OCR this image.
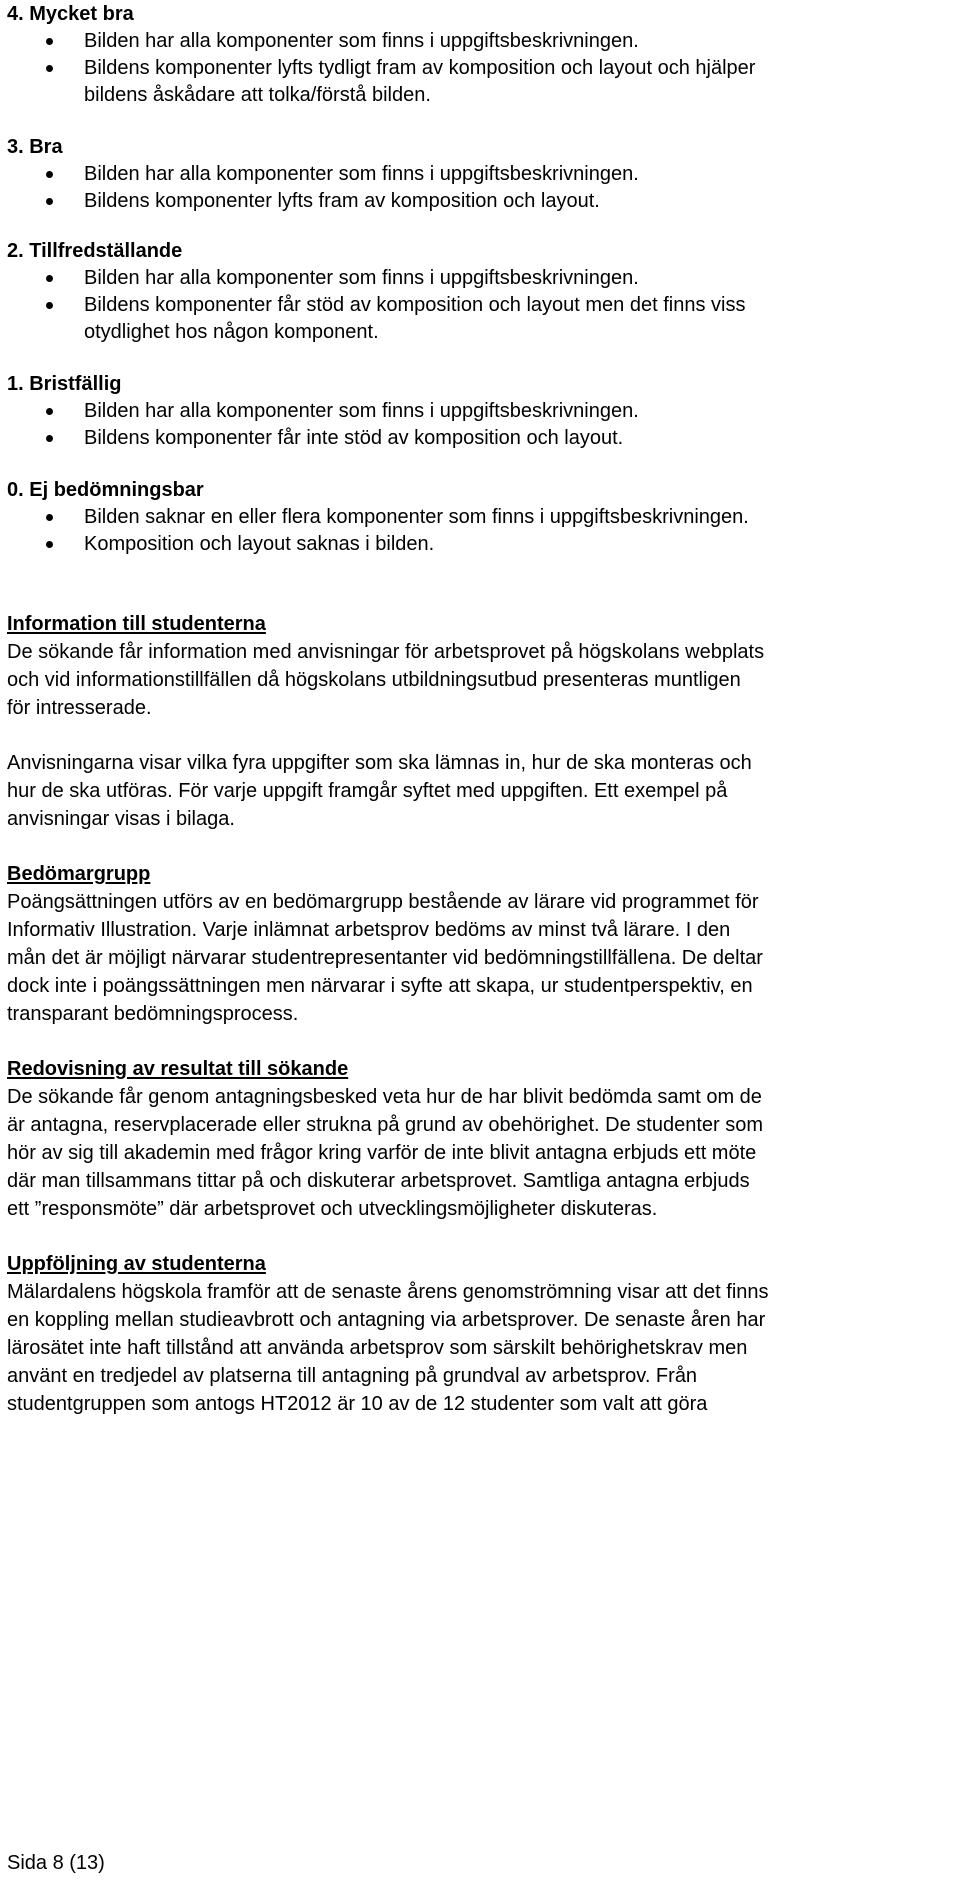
4. Mycket bra
Bilden har alla komponenter som finns i uppgiftsbeskrivningen.
Bildens komponenter lyfts tydligt fram av komposition och layout och hjälper
bildens åskådare att tolka/förstå bilden.
3. Bra
Bilden har alla komponenter som finns i uppgiftsbeskrivningen.
Bildens komponenter lyfts fram av komposition och layout.
2. Tillfredställande
Bilden har alla komponenter som finns i uppgiftsbeskrivningen.
Bildens komponenter får stöd av komposition och layout men det finns viss
otydlighet hos någon komponent.
1. Bristfällig
Bilden har alla komponenter som finns i uppgiftsbeskrivningen.
Bildens komponenter får inte stöd av komposition och layout.
0. Ej bedömningsbar
Bilden saknar en eller flera komponenter som finns i uppgiftsbeskrivningen.
Komposition och layout saknas i bilden.
Information till studenterna

De sökande får information med anvisningar för arbetsprovet på högskolans webplats
och vid informationstillfällen då högskolans utbildningsutbud presenteras muntligen
för intresserade.

Anvisningarna visar vilka fyra uppgifter som ska lämnas in, hur de ska monteras och
hur de ska utföras. För varje uppgift framgår syftet med uppgiften. Ett exempel på
anvisningar visas i bilaga.

Bedömargrupp

Poängsättningen utförs av en bedömargrupp bestående av lärare vid programmet för
Informativ Illustration. Varje inlämnat arbetsprov bedöms av minst två lärare. I den
mån det är möjligt närvarar studentrepresentanter vid bedömningstillfällena. De deltar
dock inte i poängssättningen men närvarar i syfte att skapa, ur studentperspektiv, en
transparant bedömningsprocess.

Redovisning av resultat till sökande

De sökande får genom antagningsbesked veta hur de har blivit bedömda samt om de
är antagna, reservplacerade eller strukna på grund av obehörighet. De studenter som
hör av sig till akademin med frågor kring varför de inte blivit antagna erbjuds ett möte
där man tillsammans tittar på och diskuterar arbetsprovet. Samtliga antagna erbjuds
ett ”responsmöte” där arbetsprovet och utvecklingsmöjligheter diskuteras.

Uppföljning av studenterna

Mälardalens högskola framför att de senaste årens genomströmning visar att det finns
en koppling mellan studieavbrott och antagning via arbetsprover. De senaste åren har
lärosätet inte haft tillstånd att använda arbetsprov som särskilt behörighetskrav men
använt en tredjedel av platserna till antagning på grundval av arbetsprov. Från
studentgruppen som antogs HT2012 är 10 av de 12 studenter som valt att göra

Sida 8 (13)
